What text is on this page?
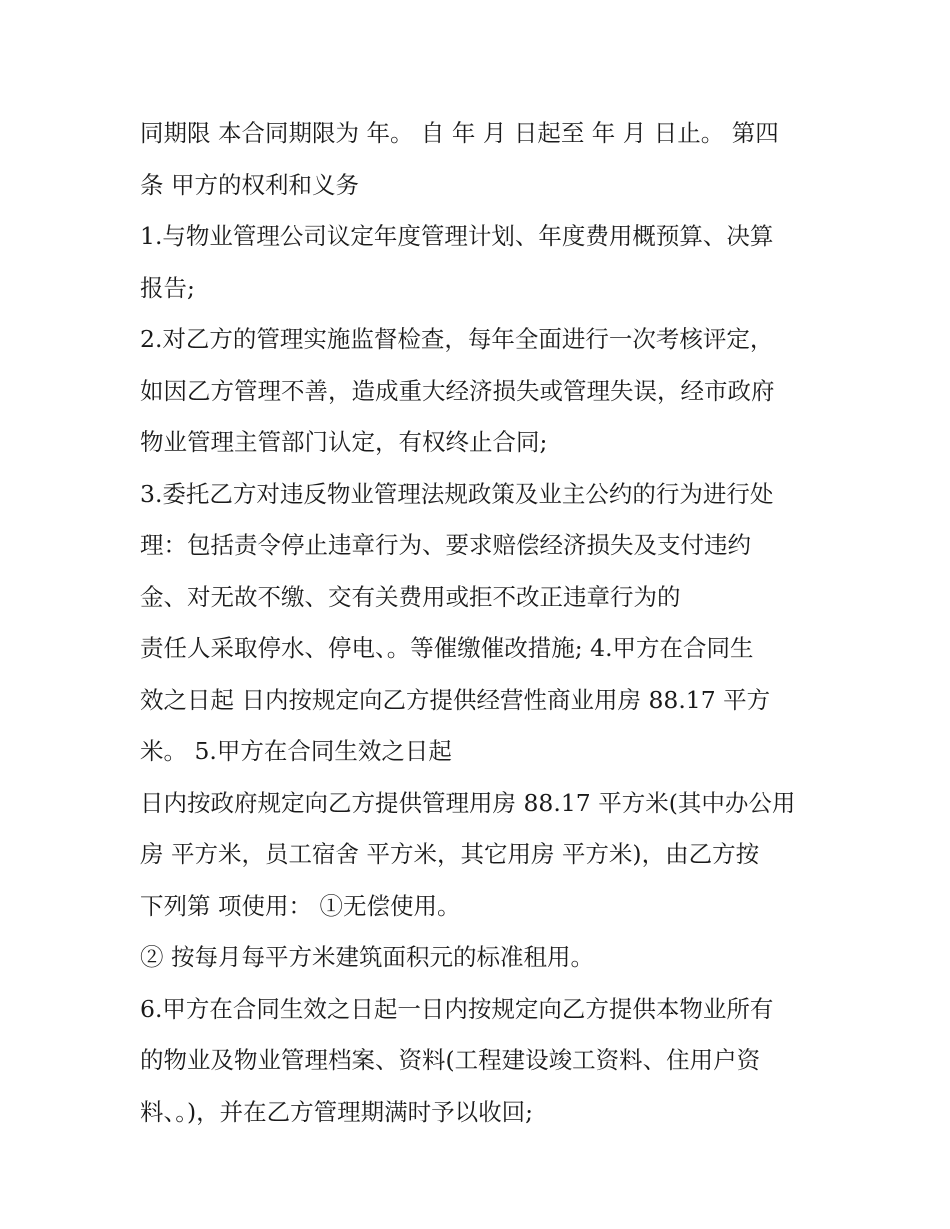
同期限 本合同期限为 年。 自 年 月 日起至 年 月 日止。 第四
条 甲方的权利和义务
1.与物业管理公司议定年度管理计划、年度费用概预算、决算
报告;
2.对乙方的管理实施监督检查，每年全面进行一次考核评定，
如因乙方管理不善，造成重大经济损失或管理失误，经市政府
物业管理主管部门认定，有权终止合同;
3.委托乙方对违反物业管理法规政策及业主公约的行为进行处
理：包括责令停止违章行为、要求赔偿经济损失及支付违约
金、对无故不缴、交有关费用或拒不改正违章行为的
责任人采取停水、停电、。等催缴催改措施; 4.甲方在合同生
效之日起 日内按规定向乙方提供经营性商业用房 88.17 平方
米。 5.甲方在合同生效之日起
日内按政府规定向乙方提供管理用房 88.17 平方米(其中办公用
房 平方米，员工宿舍 平方米，其它用房 平方米)，由乙方按
下列第 项使用： ①无偿使用。
② 按每月每平方米建筑面积元的标准租用。
6.甲方在合同生效之日起一日内按规定向乙方提供本物业所有
的物业及物业管理档案、资料(工程建设竣工资料、住用户资
料、。)，并在乙方管理期满时予以收回;
